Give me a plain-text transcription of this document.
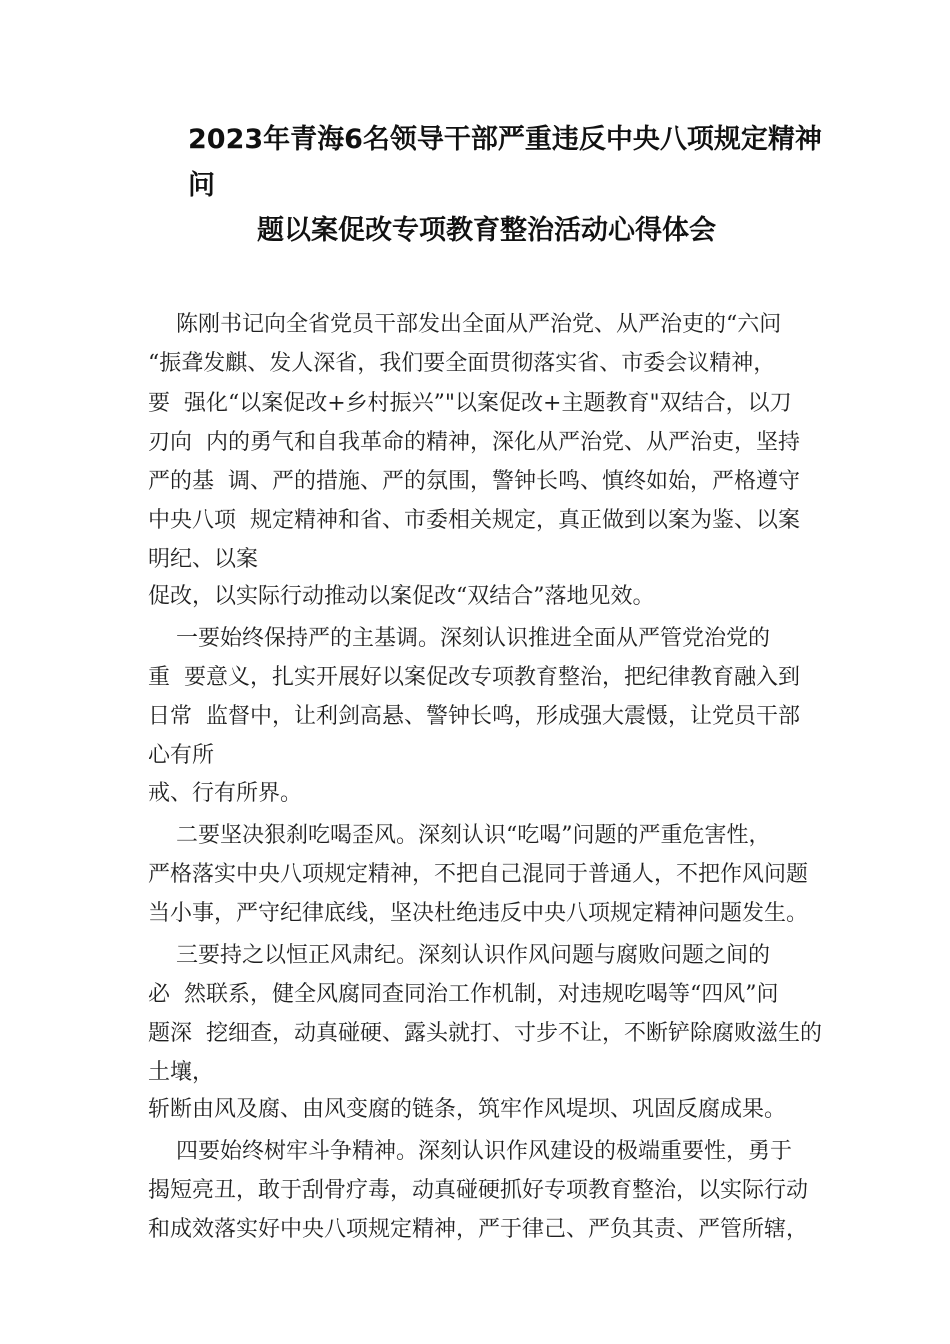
2023年青海6名领导干部严重违反中央八项规定精神
问
题以案促改专项教育整治活动心得体会
陈刚书记向全省党员干部发出全面从严治党、从严治吏的“六问
“振聋发麒、发人深省，我们要全面贯彻落实省、市委会议精神，
要  强化“以案促改+乡村振兴”"以案促改+主题教育"双结合，以刀
刃向  内的勇气和自我革命的精神，深化从严治党、从严治吏，坚持
严的基  调、严的措施、严的氛围，警钟长鸣、慎终如始，严格遵守
中央八项  规定精神和省、市委相关规定，真正做到以案为鉴、以案
明纪、以案
促改，以实际行动推动以案促改“双结合”落地见效。
一要始终保持严的主基调。深刻认识推进全面从严管党治党的
重  要意义，扎实开展好以案促改专项教育整治，把纪律教育融入到
日常  监督中，让利剑高悬、警钟长鸣，形成强大震慑，让党员干部
心有所
戒、行有所界。
二要坚决狠刹吃喝歪风。深刻认识“吃喝”问题的严重危害性，
严格落实中央八项规定精神，不把自己混同于普通人，不把作风问题
当小事，严守纪律底线，坚决杜绝违反中央八项规定精神问题发生。
三要持之以恒正风肃纪。深刻认识作风问题与腐败问题之间的
必  然联系，健全风腐同查同治工作机制，对违规吃喝等“四风”问
题深  挖细查，动真碰硬、露头就打、寸步不让，不断铲除腐败滋生的
土壤，
斩断由风及腐、由风变腐的链条，筑牢作风堤坝、巩固反腐成果。
四要始终树牢斗争精神。深刻认识作风建设的极端重要性，勇于
揭短亮丑，敢于刮骨疗毒，动真碰硬抓好专项教育整治，以实际行动
和成效落实好中央八项规定精神，严于律己、严负其责、严管所辖，
